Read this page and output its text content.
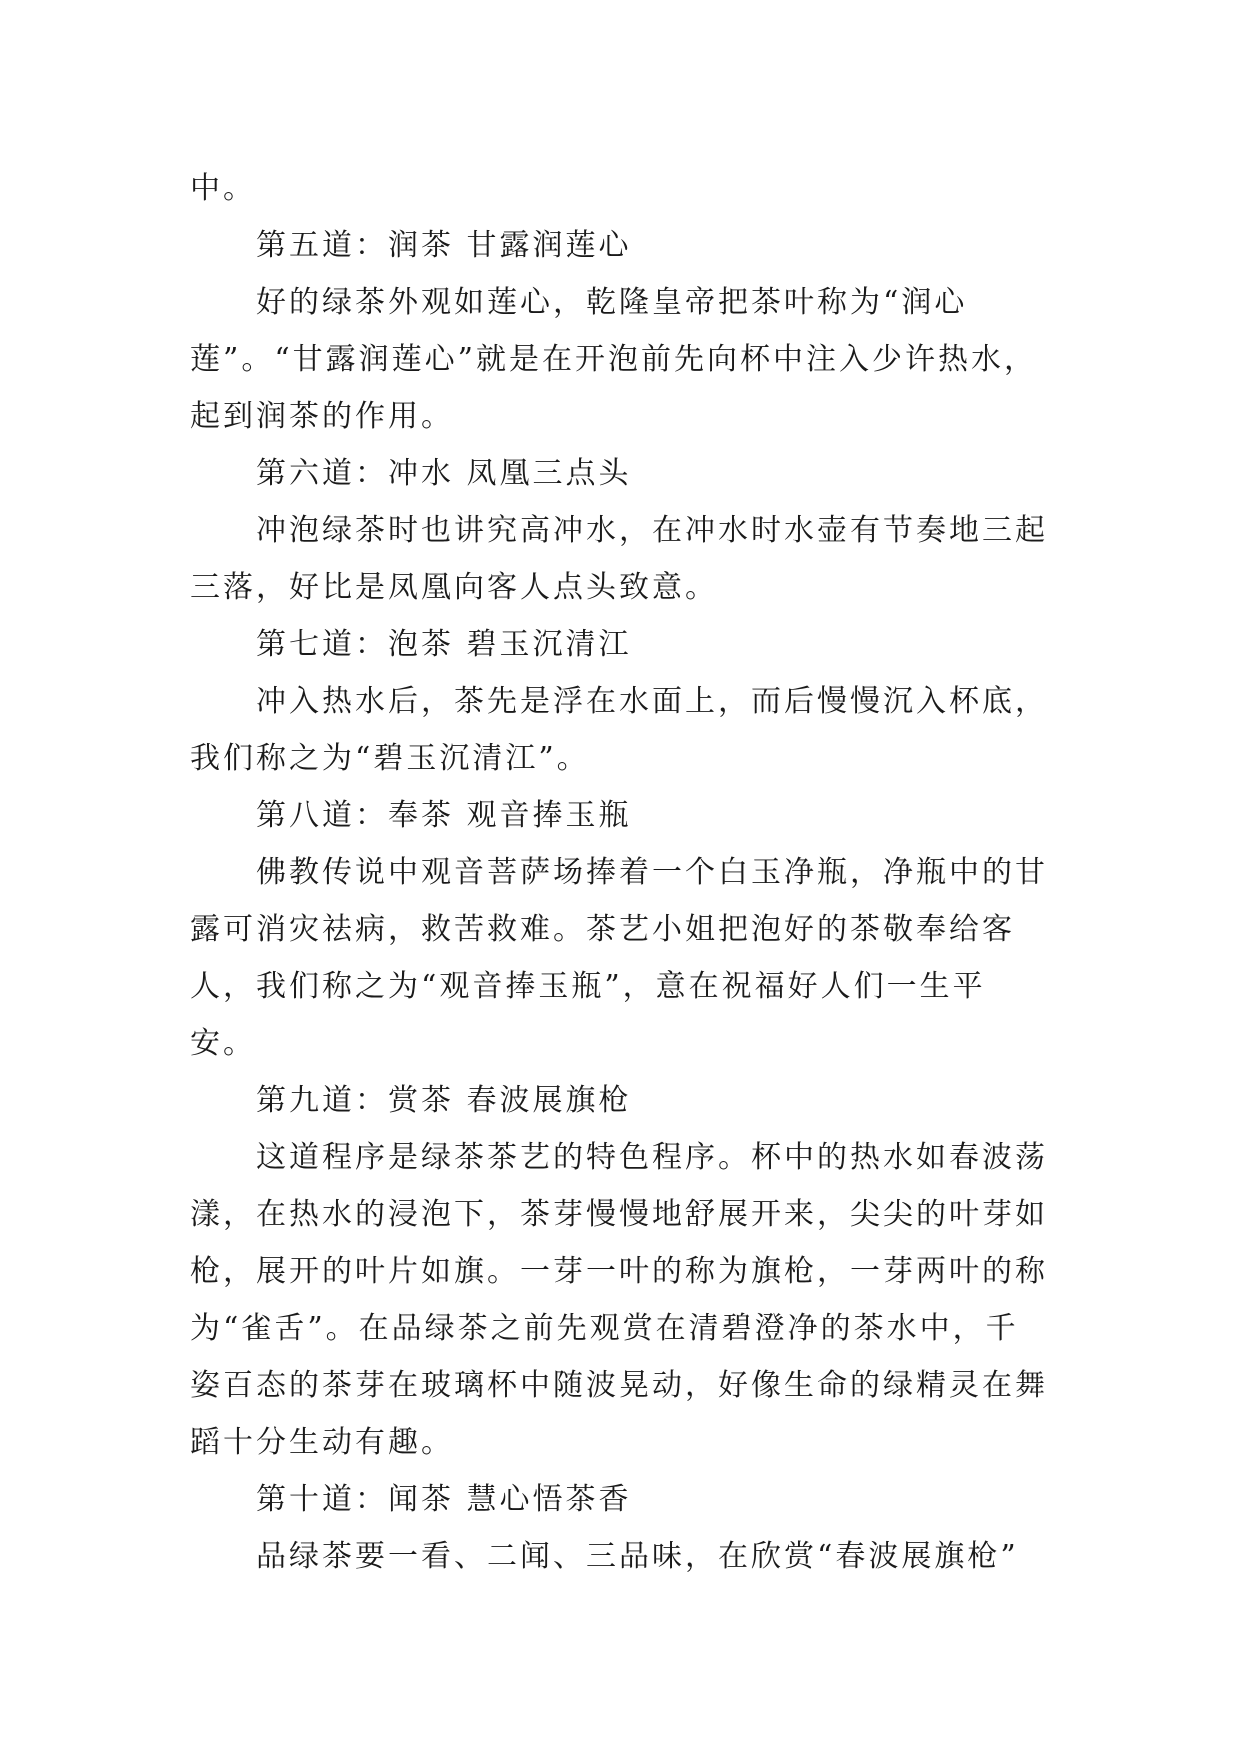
中。

第五道：润茶 甘露润莲心

好的绿茶外观如莲心，乾隆皇帝把茶叶称为“润心莲”。“甘露润莲心”就是在开泡前先向杯中注入少许热水，起到润茶的作用。

第六道：冲水 凤凰三点头

冲泡绿茶时也讲究高冲水，在冲水时水壶有节奏地三起三落，好比是凤凰向客人点头致意。

第七道：泡茶 碧玉沉清江

冲入热水后，茶先是浮在水面上，而后慢慢沉入杯底，我们称之为“碧玉沉清江”。

第八道：奉茶 观音捧玉瓶

佛教传说中观音菩萨场捧着一个白玉净瓶，净瓶中的甘露可消灾祛病，救苦救难。茶艺小姐把泡好的茶敬奉给客人，我们称之为“观音捧玉瓶”，意在祝福好人们一生平安。

第九道：赏茶 春波展旗枪

这道程序是绿茶茶艺的特色程序。杯中的热水如春波荡漾，在热水的浸泡下，茶芽慢慢地舒展开来，尖尖的叶芽如枪，展开的叶片如旗。一芽一叶的称为旗枪，一芽两叶的称为“雀舌”。在品绿茶之前先观赏在清碧澄净的茶水中，千姿百态的茶芽在玻璃杯中随波晃动，好像生命的绿精灵在舞蹈十分生动有趣。

第十道：闻茶 慧心悟茶香

品绿茶要一看、二闻、三品味，在欣赏“春波展旗枪”
